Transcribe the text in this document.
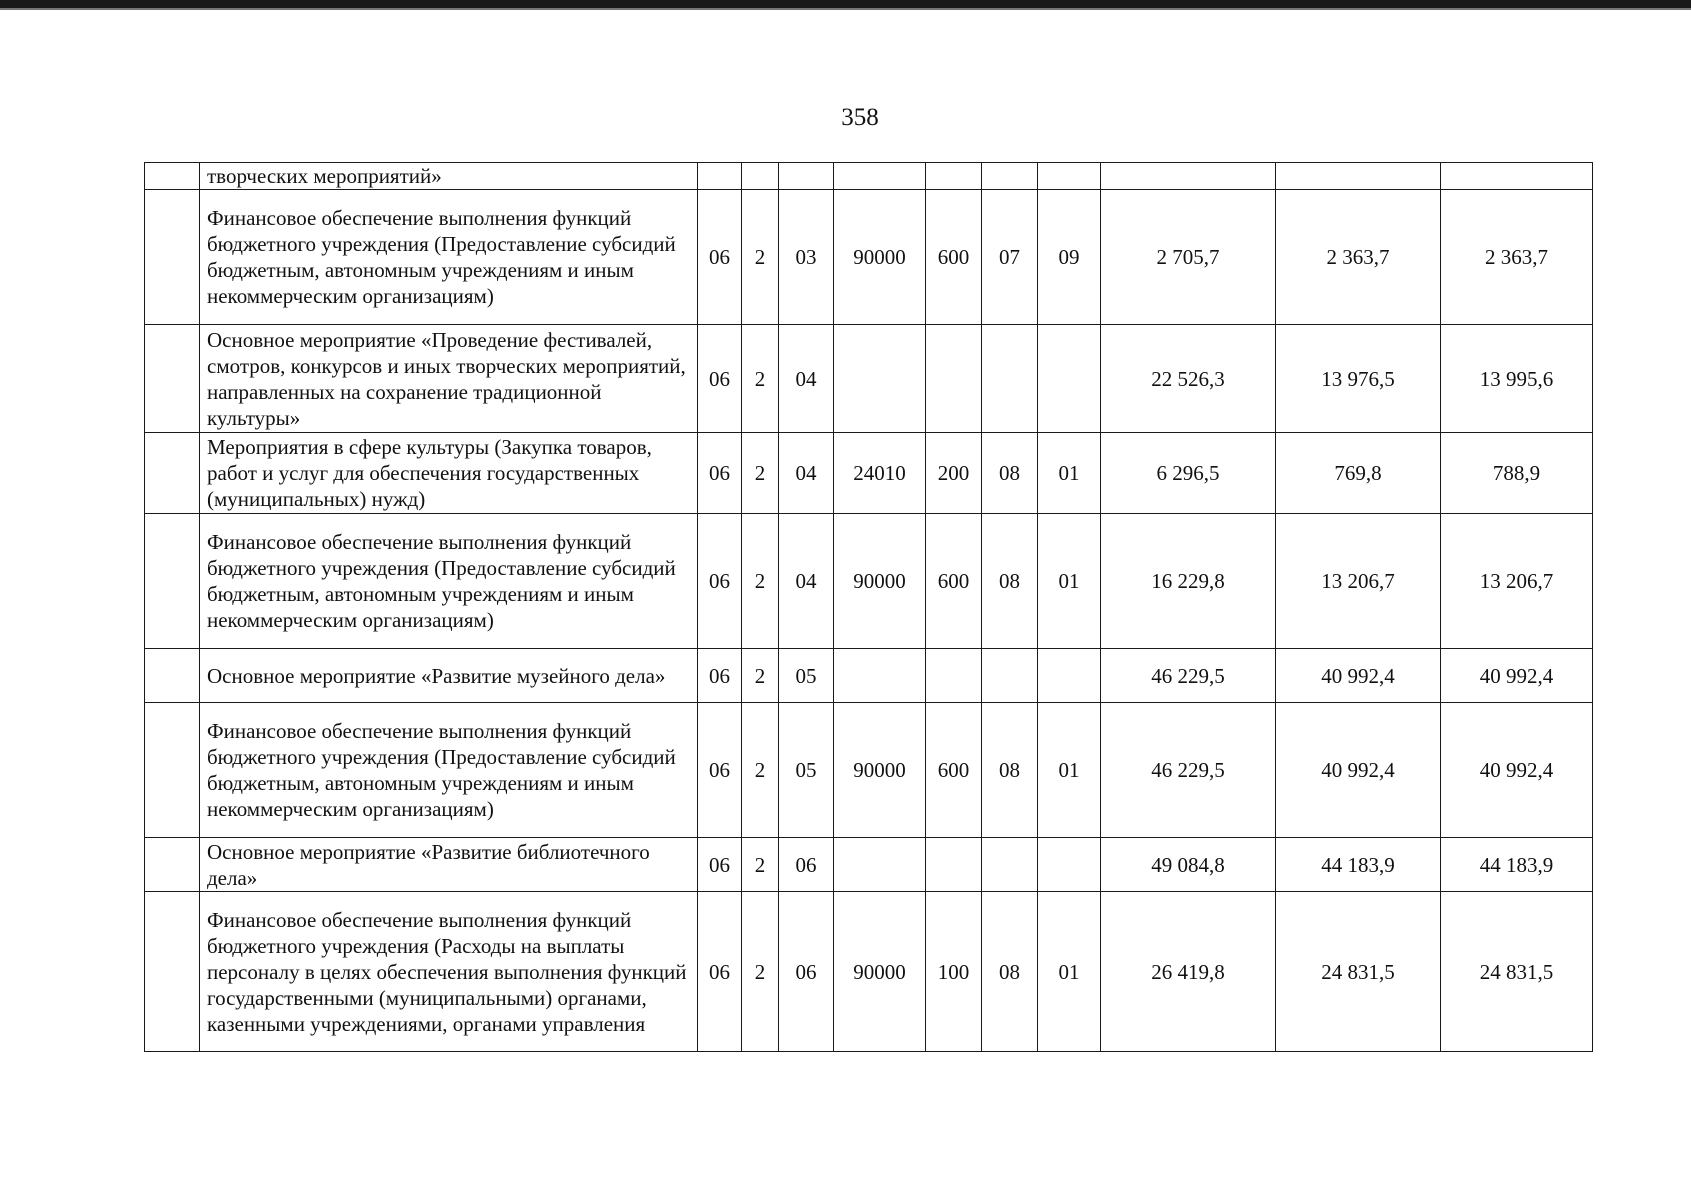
358
	творческих мероприятий»										
	Финансовое обеспечение выполнения функций бюджетного учреждения (Предоставление субсидий бюджетным, автономным учреждениям и иным некоммерческим организациям)	06	2	03	90000	600	07	09	2 705,7	2 363,7	2 363,7
	Основное мероприятие «Проведение фестивалей, смотров, конкурсов и иных творческих мероприятий, направленных на сохранение традиционной культуры»	06	2	04					22 526,3	13 976,5	13 995,6
	Мероприятия в сфере культуры (Закупка товаров, работ и услуг для обеспечения государственных (муниципальных) нужд)	06	2	04	24010	200	08	01	6 296,5	769,8	788,9
	Финансовое обеспечение выполнения функций бюджетного учреждения (Предоставление субсидий бюджетным, автономным учреждениям и иным некоммерческим организациям)	06	2	04	90000	600	08	01	16 229,8	13 206,7	13 206,7
	Основное мероприятие «Развитие музейного дела»	06	2	05					46 229,5	40 992,4	40 992,4
	Финансовое обеспечение выполнения функций бюджетного учреждения (Предоставление субсидий бюджетным, автономным учреждениям и иным некоммерческим организациям)	06	2	05	90000	600	08	01	46 229,5	40 992,4	40 992,4
	Основное мероприятие «Развитие библиотечного дела»	06	2	06					49 084,8	44 183,9	44 183,9
	Финансовое обеспечение выполнения функций бюджетного учреждения (Расходы на выплаты персоналу в целях обеспечения выполнения функций государственными (муниципальными) органами, казенными учреждениями, органами управления	06	2	06	90000	100	08	01	26 419,8	24 831,5	24 831,5
